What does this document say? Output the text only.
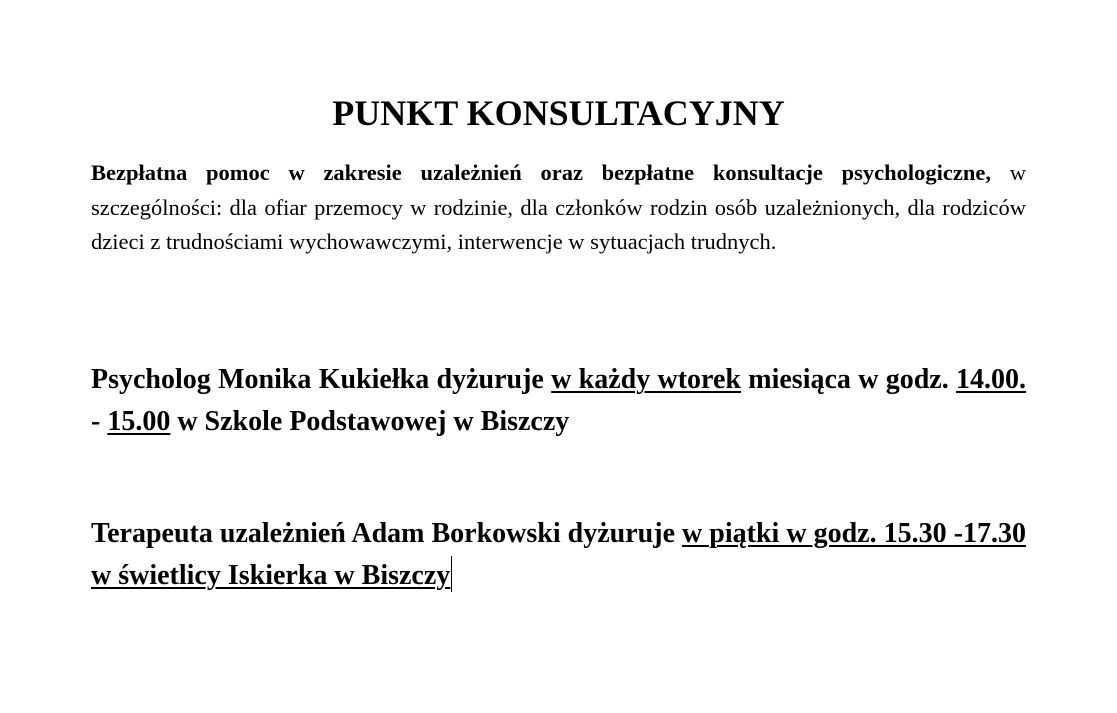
PUNKT KONSULTACYJNY

Bezpłatna pomoc w zakresie uzależnień oraz bezpłatne konsultacje psychologiczne, w szczególności: dla ofiar przemocy w rodzinie, dla członków rodzin osób uzależnionych, dla rodziców dzieci z trudnościami wychowawczymi, interwencje w sytuacjach trudnych.

Psycholog Monika Kukiełka dyżuruje w każdy wtorek miesiąca w godz. 14.00. - 15.00 w Szkole Podstawowej w Biszczy

Terapeuta uzależnień Adam Borkowski dyżuruje w piątki w godz. 15.30 -17.30 w świetlicy Iskierka w Biszczy
